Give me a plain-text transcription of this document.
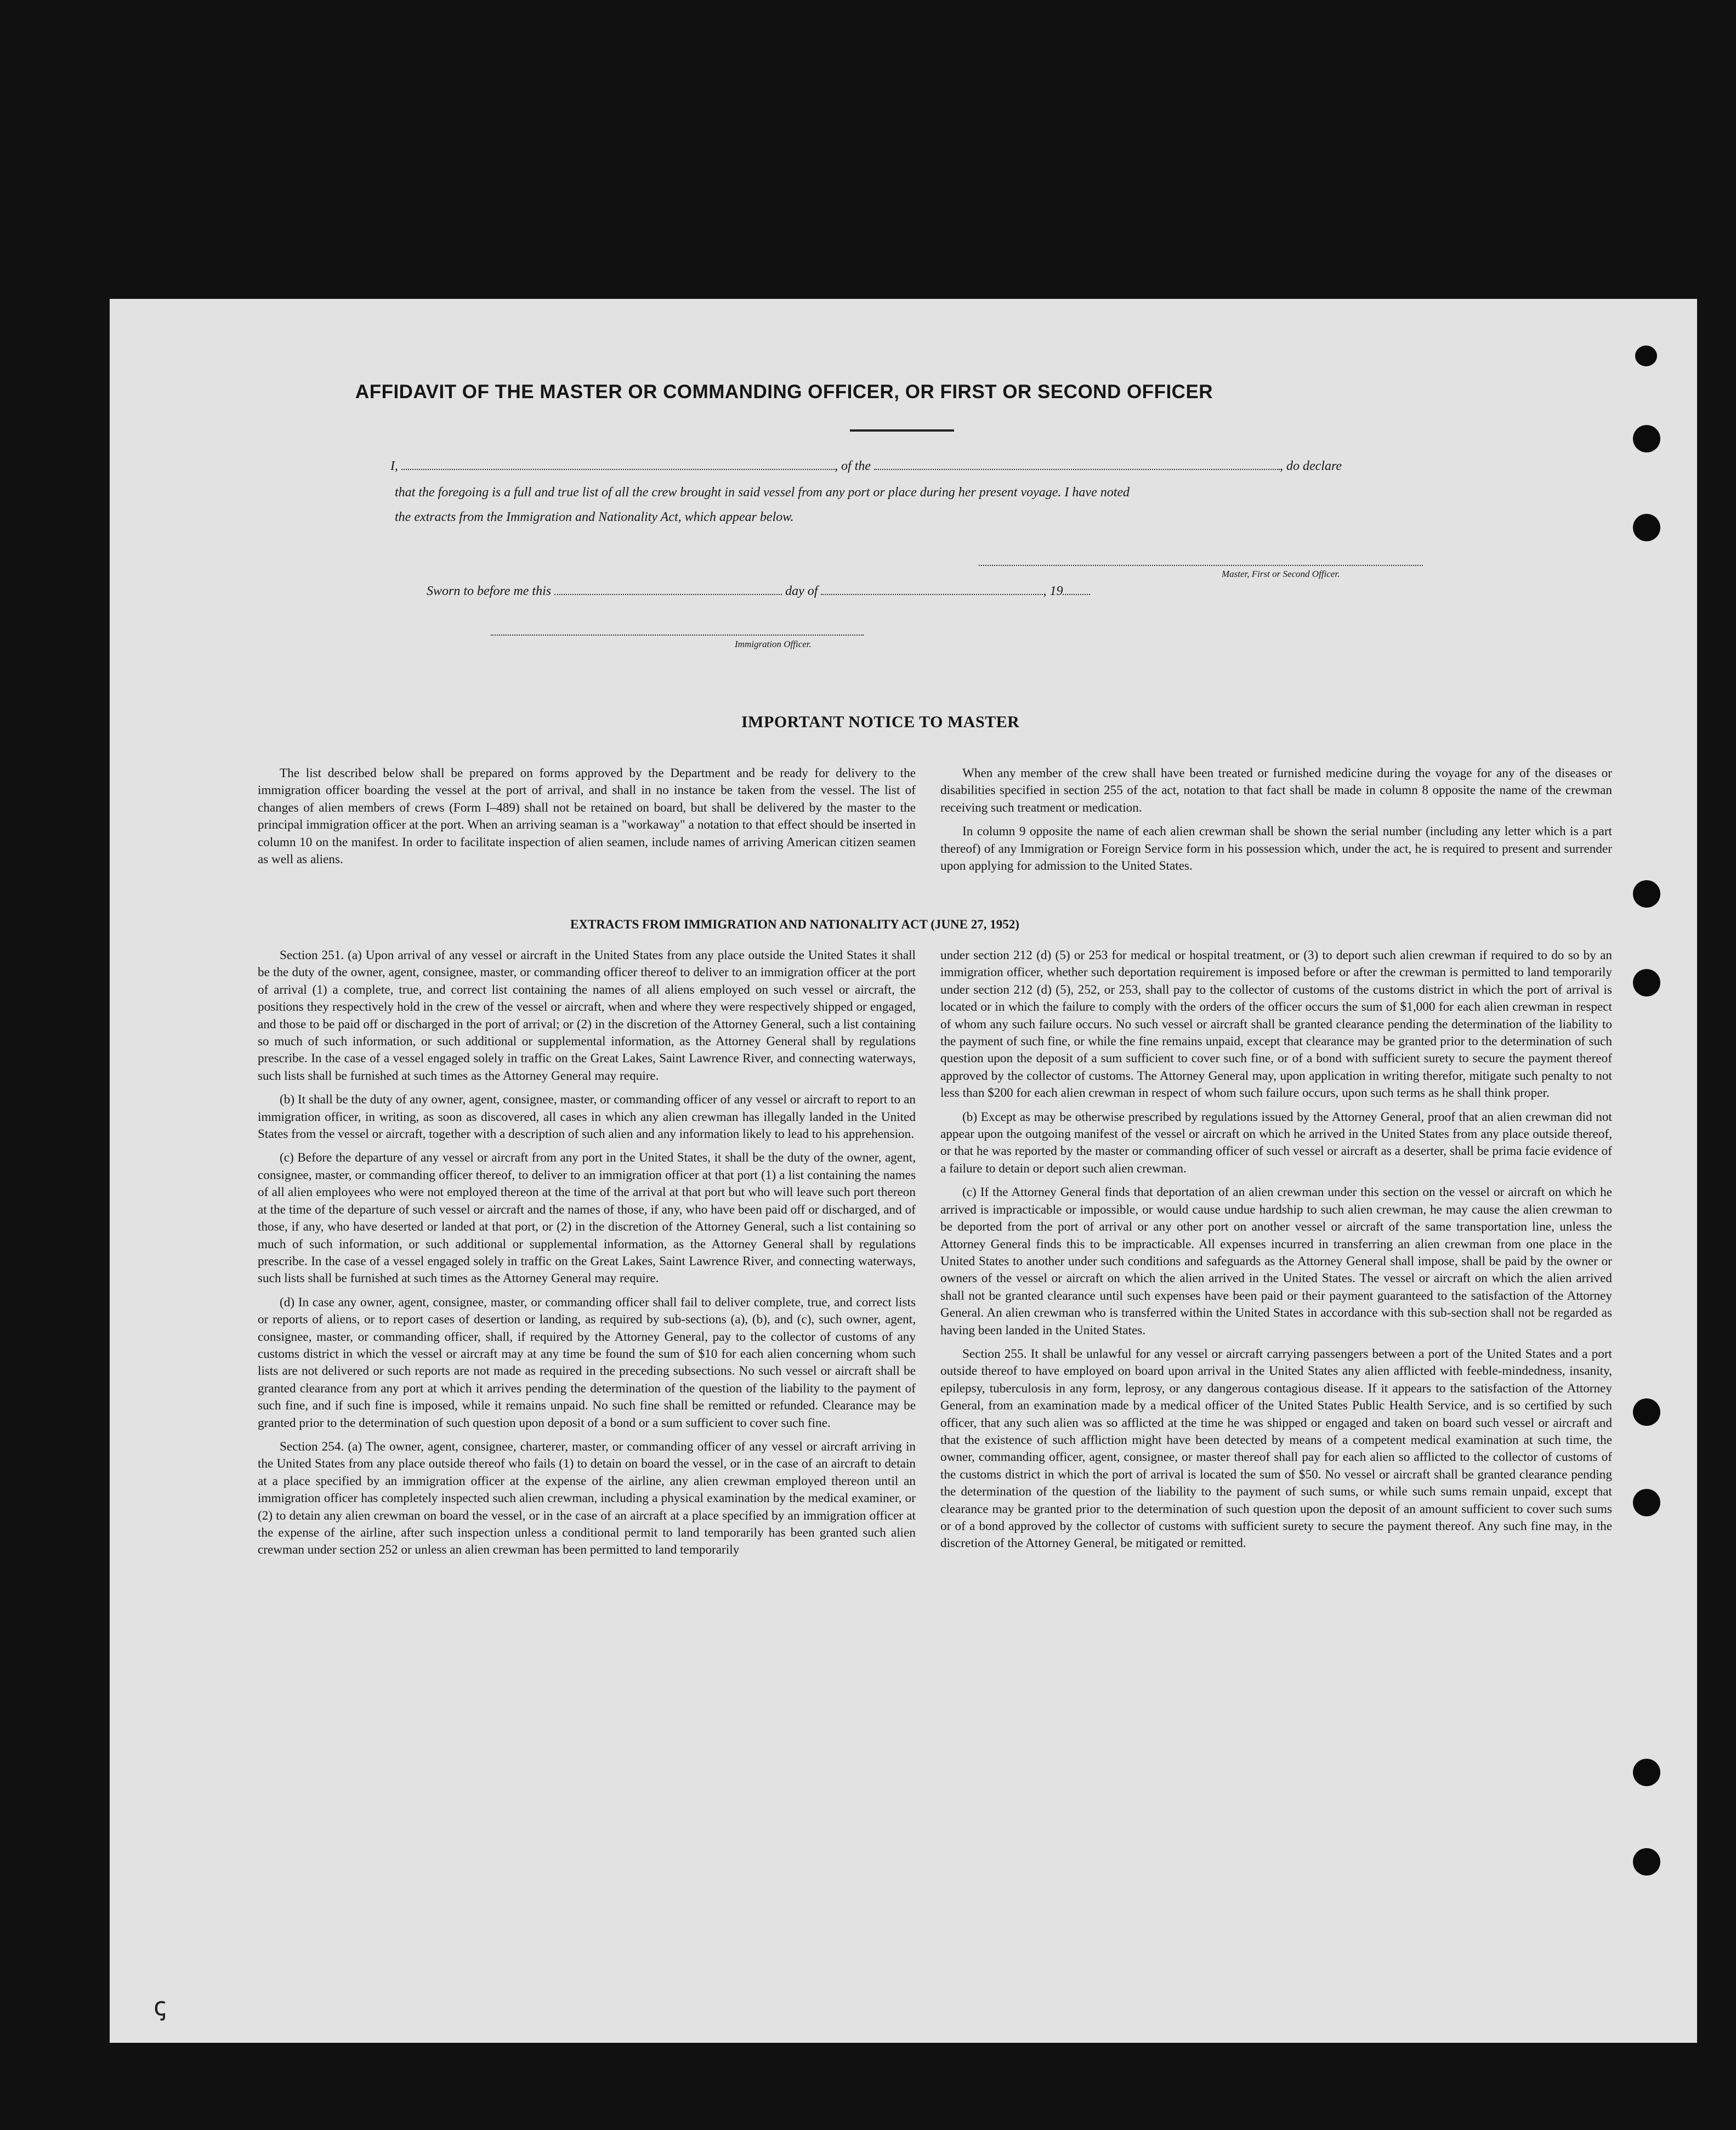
AFFIDAVIT OF THE MASTER OR COMMANDING OFFICER, OR FIRST OR SECOND OFFICER
I,	, of the	, do declare
that the foregoing is a full and true list of all the crew brought in said vessel from any port or place during her present voyage. I have noted
the extracts from the Immigration and Nationality Act, which appear below.
Master, First or Second Officer.
Sworn to before me this	day of	, 19
Immigration Officer.
IMPORTANT NOTICE TO MASTER

The list described below shall be prepared on forms approved by the Department and be ready for delivery to the immigration officer boarding the vessel at the port of arrival, and shall in no instance be taken from the vessel. The list of changes of alien members of crews (Form I–489) shall not be retained on board, but shall be delivered by the master to the principal immigration officer at the port. When an arriving seaman is a "workaway" a notation to that effect should be inserted in column 10 on the manifest. In order to facilitate inspection of alien seamen, include names of arriving American citizen seamen as well as aliens.

When any member of the crew shall have been treated or furnished medicine during the voyage for any of the diseases or disabilities specified in section 255 of the act, notation to that fact shall be made in column 8 opposite the name of the crewman receiving such treatment or medication.

In column 9 opposite the name of each alien crewman shall be shown the serial number (including any letter which is a part thereof) of any Immigration or Foreign Service form in his possession which, under the act, he is required to present and surrender upon applying for admission to the United States.

EXTRACTS FROM IMMIGRATION AND NATIONALITY ACT (JUNE 27, 1952)

Section 251. (a) Upon arrival of any vessel or aircraft in the United States from any place outside the United States it shall be the duty of the owner, agent, consignee, master, or commanding officer thereof to deliver to an immigration officer at the port of arrival (1) a complete, true, and correct list containing the names of all aliens employed on such vessel or aircraft, the positions they respectively hold in the crew of the vessel or aircraft, when and where they were respectively shipped or engaged, and those to be paid off or discharged in the port of arrival; or (2) in the discretion of the Attorney General, such a list containing so much of such information, or such additional or supplemental information, as the Attorney General shall by regulations prescribe. In the case of a vessel engaged solely in traffic on the Great Lakes, Saint Lawrence River, and connecting waterways, such lists shall be furnished at such times as the Attorney General may require.

(b) It shall be the duty of any owner, agent, consignee, master, or commanding officer of any vessel or aircraft to report to an immigration officer, in writing, as soon as discovered, all cases in which any alien crewman has illegally landed in the United States from the vessel or aircraft, together with a description of such alien and any information likely to lead to his apprehension.

(c) Before the departure of any vessel or aircraft from any port in the United States, it shall be the duty of the owner, agent, consignee, master, or commanding officer thereof, to deliver to an immigration officer at that port (1) a list containing the names of all alien employees who were not employed thereon at the time of the arrival at that port but who will leave such port thereon at the time of the departure of such vessel or aircraft and the names of those, if any, who have been paid off or discharged, and of those, if any, who have deserted or landed at that port, or (2) in the discretion of the Attorney General, such a list containing so much of such information, or such additional or supplemental information, as the Attorney General shall by regulations prescribe. In the case of a vessel engaged solely in traffic on the Great Lakes, Saint Lawrence River, and connecting waterways, such lists shall be furnished at such times as the Attorney General may require.

(d) In case any owner, agent, consignee, master, or commanding officer shall fail to deliver complete, true, and correct lists or reports of aliens, or to report cases of desertion or landing, as required by sub-sections (a), (b), and (c), such owner, agent, consignee, master, or commanding officer, shall, if required by the Attorney General, pay to the collector of customs of any customs district in which the vessel or aircraft may at any time be found the sum of $10 for each alien concerning whom such lists are not delivered or such reports are not made as required in the preceding subsections. No such vessel or aircraft shall be granted clearance from any port at which it arrives pending the determination of the question of the liability to the payment of such fine, and if such fine is imposed, while it remains unpaid. No such fine shall be remitted or refunded. Clearance may be granted prior to the determination of such question upon deposit of a bond or a sum sufficient to cover such fine.

Section 254. (a) The owner, agent, consignee, charterer, master, or commanding officer of any vessel or aircraft arriving in the United States from any place outside thereof who fails (1) to detain on board the vessel, or in the case of an aircraft to detain at a place specified by an immigration officer at the expense of the airline, any alien crewman employed thereon until an immigration officer has completely inspected such alien crewman, including a physical examination by the medical examiner, or (2) to detain any alien crewman on board the vessel, or in the case of an aircraft at a place specified by an immigration officer at the expense of the airline, after such inspection unless a conditional permit to land temporarily has been granted such alien crewman under section 252 or unless an alien crewman has been permitted to land temporarily

under section 212 (d) (5) or 253 for medical or hospital treatment, or (3) to deport such alien crewman if required to do so by an immigration officer, whether such deportation requirement is imposed before or after the crewman is permitted to land temporarily under section 212 (d) (5), 252, or 253, shall pay to the collector of customs of the customs district in which the port of arrival is located or in which the failure to comply with the orders of the officer occurs the sum of $1,000 for each alien crewman in respect of whom any such failure occurs. No such vessel or aircraft shall be granted clearance pending the determination of the liability to the payment of such fine, or while the fine remains unpaid, except that clearance may be granted prior to the determination of such question upon the deposit of a sum sufficient to cover such fine, or of a bond with sufficient surety to secure the payment thereof approved by the collector of customs. The Attorney General may, upon application in writing therefor, mitigate such penalty to not less than $200 for each alien crewman in respect of whom such failure occurs, upon such terms as he shall think proper.

(b) Except as may be otherwise prescribed by regulations issued by the Attorney General, proof that an alien crewman did not appear upon the outgoing manifest of the vessel or aircraft on which he arrived in the United States from any place outside thereof, or that he was reported by the master or commanding officer of such vessel or aircraft as a deserter, shall be prima facie evidence of a failure to detain or deport such alien crewman.

(c) If the Attorney General finds that deportation of an alien crewman under this section on the vessel or aircraft on which he arrived is impracticable or impossible, or would cause undue hardship to such alien crewman, he may cause the alien crewman to be deported from the port of arrival or any other port on another vessel or aircraft of the same transportation line, unless the Attorney General finds this to be impracticable. All expenses incurred in transferring an alien crewman from one place in the United States to another under such conditions and safeguards as the Attorney General shall impose, shall be paid by the owner or owners of the vessel or aircraft on which the alien arrived in the United States. The vessel or aircraft on which the alien arrived shall not be granted clearance until such expenses have been paid or their payment guaranteed to the satisfaction of the Attorney General. An alien crewman who is transferred within the United States in accordance with this sub-section shall not be regarded as having been landed in the United States.

Section 255. It shall be unlawful for any vessel or aircraft carrying passengers between a port of the United States and a port outside thereof to have employed on board upon arrival in the United States any alien afflicted with feeble-mindedness, insanity, epilepsy, tuberculosis in any form, leprosy, or any dangerous contagious disease. If it appears to the satisfaction of the Attorney General, from an examination made by a medical officer of the United States Public Health Service, and is so certified by such officer, that any such alien was so afflicted at the time he was shipped or engaged and taken on board such vessel or aircraft and that the existence of such affliction might have been detected by means of a competent medical examination at such time, the owner, commanding officer, agent, consignee, or master thereof shall pay for each alien so afflicted to the collector of customs of the customs district in which the port of arrival is located the sum of $50. No vessel or aircraft shall be granted clearance pending the determination of the question of the liability to the payment of such sums, or while such sums remain unpaid, except that clearance may be granted prior to the determination of such question upon the deposit of an amount sufficient to cover such sums or of a bond approved by the collector of customs with sufficient surety to secure the payment thereof. Any such fine may, in the discretion of the Attorney General, be mitigated or remitted.

ꞔ
